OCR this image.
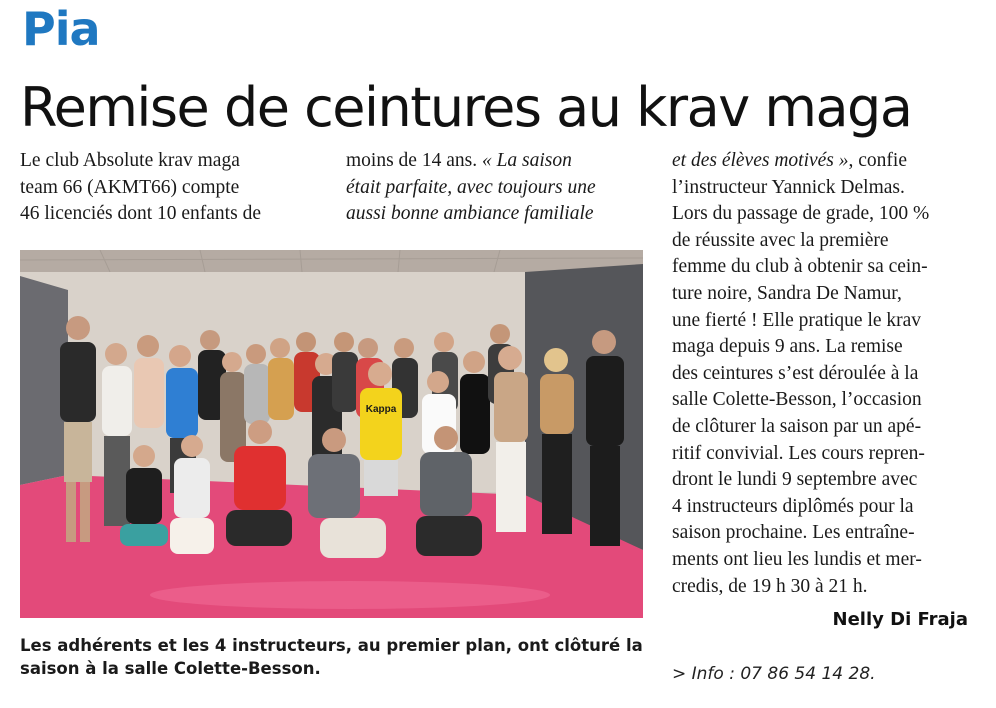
Pia
Remise de ceintures au krav maga
Le club Absolute krav maga
team 66 (AKMT66) compte
46 licenciés dont 10 enfants de
moins de 14 ans. « La saison
était parfaite, avec toujours une
aussi bonne ambiance familiale
et des élèves motivés », confie
l’instructeur Yannick Delmas.
Lors du passage de grade, 100 %
de réussite avec la première
femme du club à obtenir sa cein-
ture noire, Sandra De Namur,
une fierté ! Elle pratique le krav
maga depuis 9 ans. La remise
des ceintures s’est déroulée à la
salle Colette-Besson, l’occasion
de clôturer la saison par un apé-
ritif convivial. Les cours repren-
dront le lundi 9 septembre avec
4 instructeurs diplômés pour la
saison prochaine. Les entraîne-
ments ont lieu les lundis et mer-
credis, de 19 h 30 à 21 h.
Kappa
Les adhérents et les 4 instructeurs, au premier plan, ont clôturé la
saison à la salle Colette-Besson.
Nelly Di Fraja
> Info : 07 86 54 14 28.
